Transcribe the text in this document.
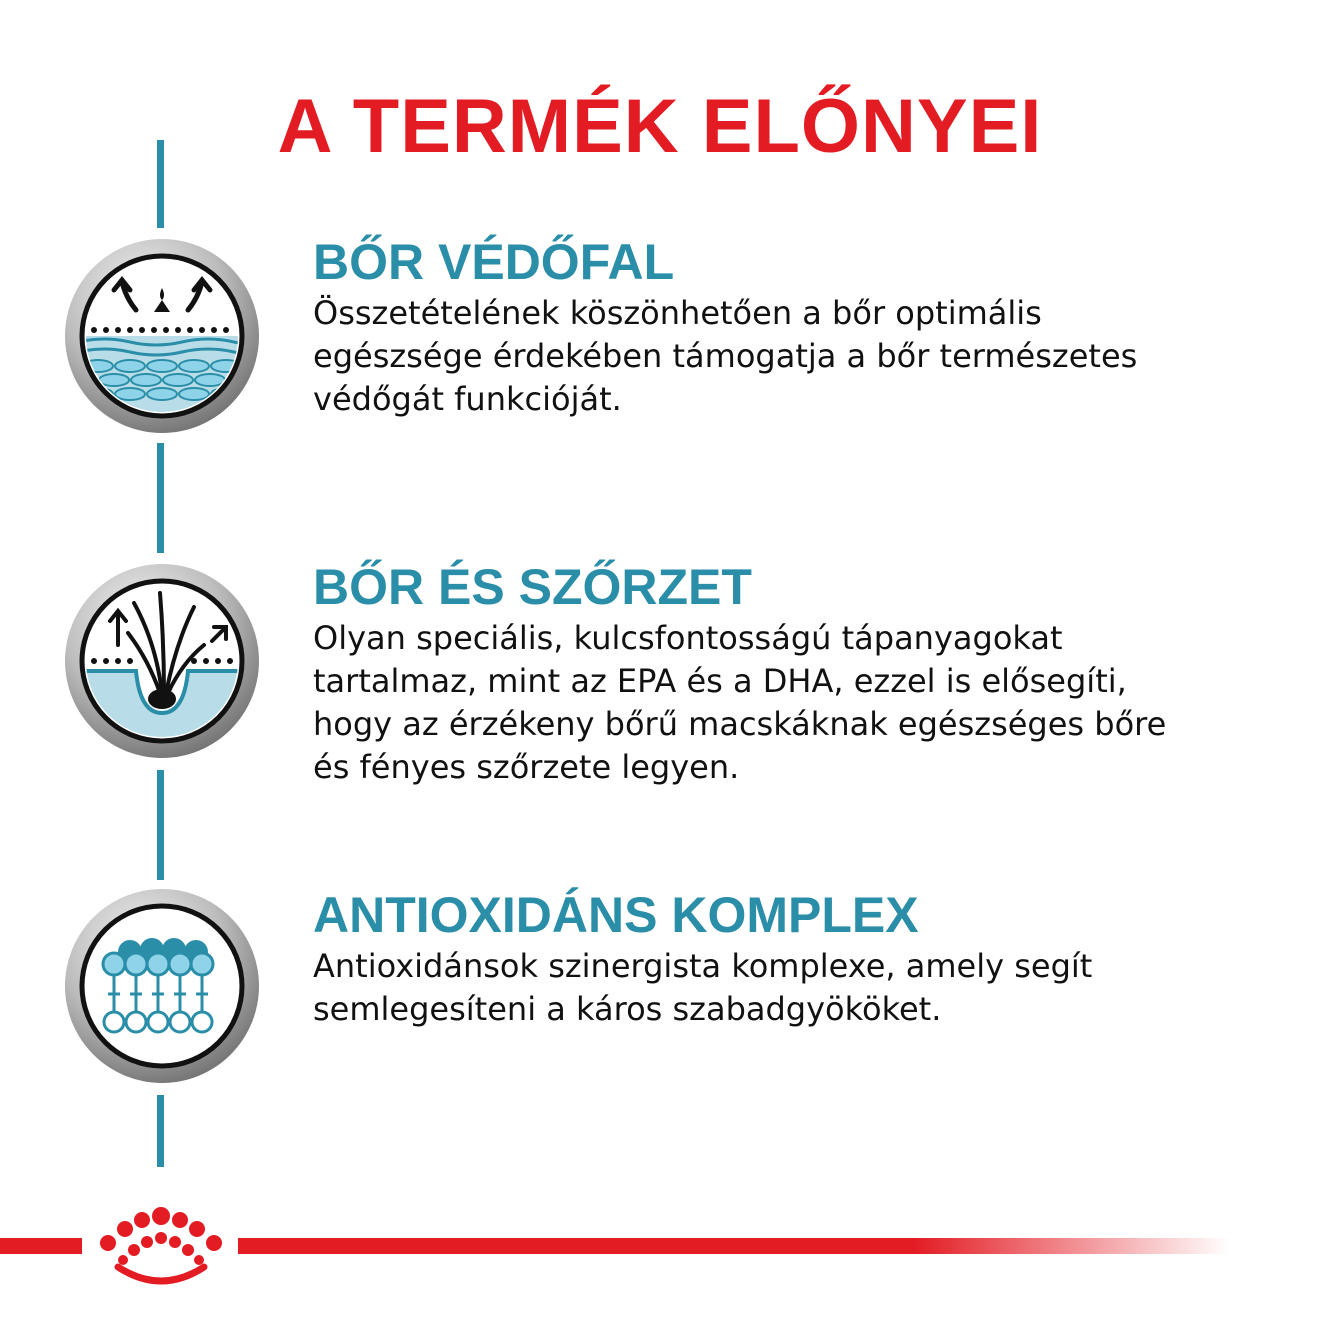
A TERMÉK ELŐNYEI
BŐR VÉDŐFAL

Összetételének köszönhetően a bőr optimális
egészsége érdekében támogatja a bőr természetes
védőgát funkcióját.

BŐR ÉS SZŐRZET

Olyan speciális, kulcsfontosságú tápanyagokat
tartalmaz, mint az EPA és a DHA, ezzel is elősegíti,
hogy az érzékeny bőrű macskáknak egészséges bőre
és fényes szőrzete legyen.

ANTIOXIDÁNS KOMPLEX

Antioxidánsok szinergista komplexe, amely segít
semlegesíteni a káros szabadgyököket.
